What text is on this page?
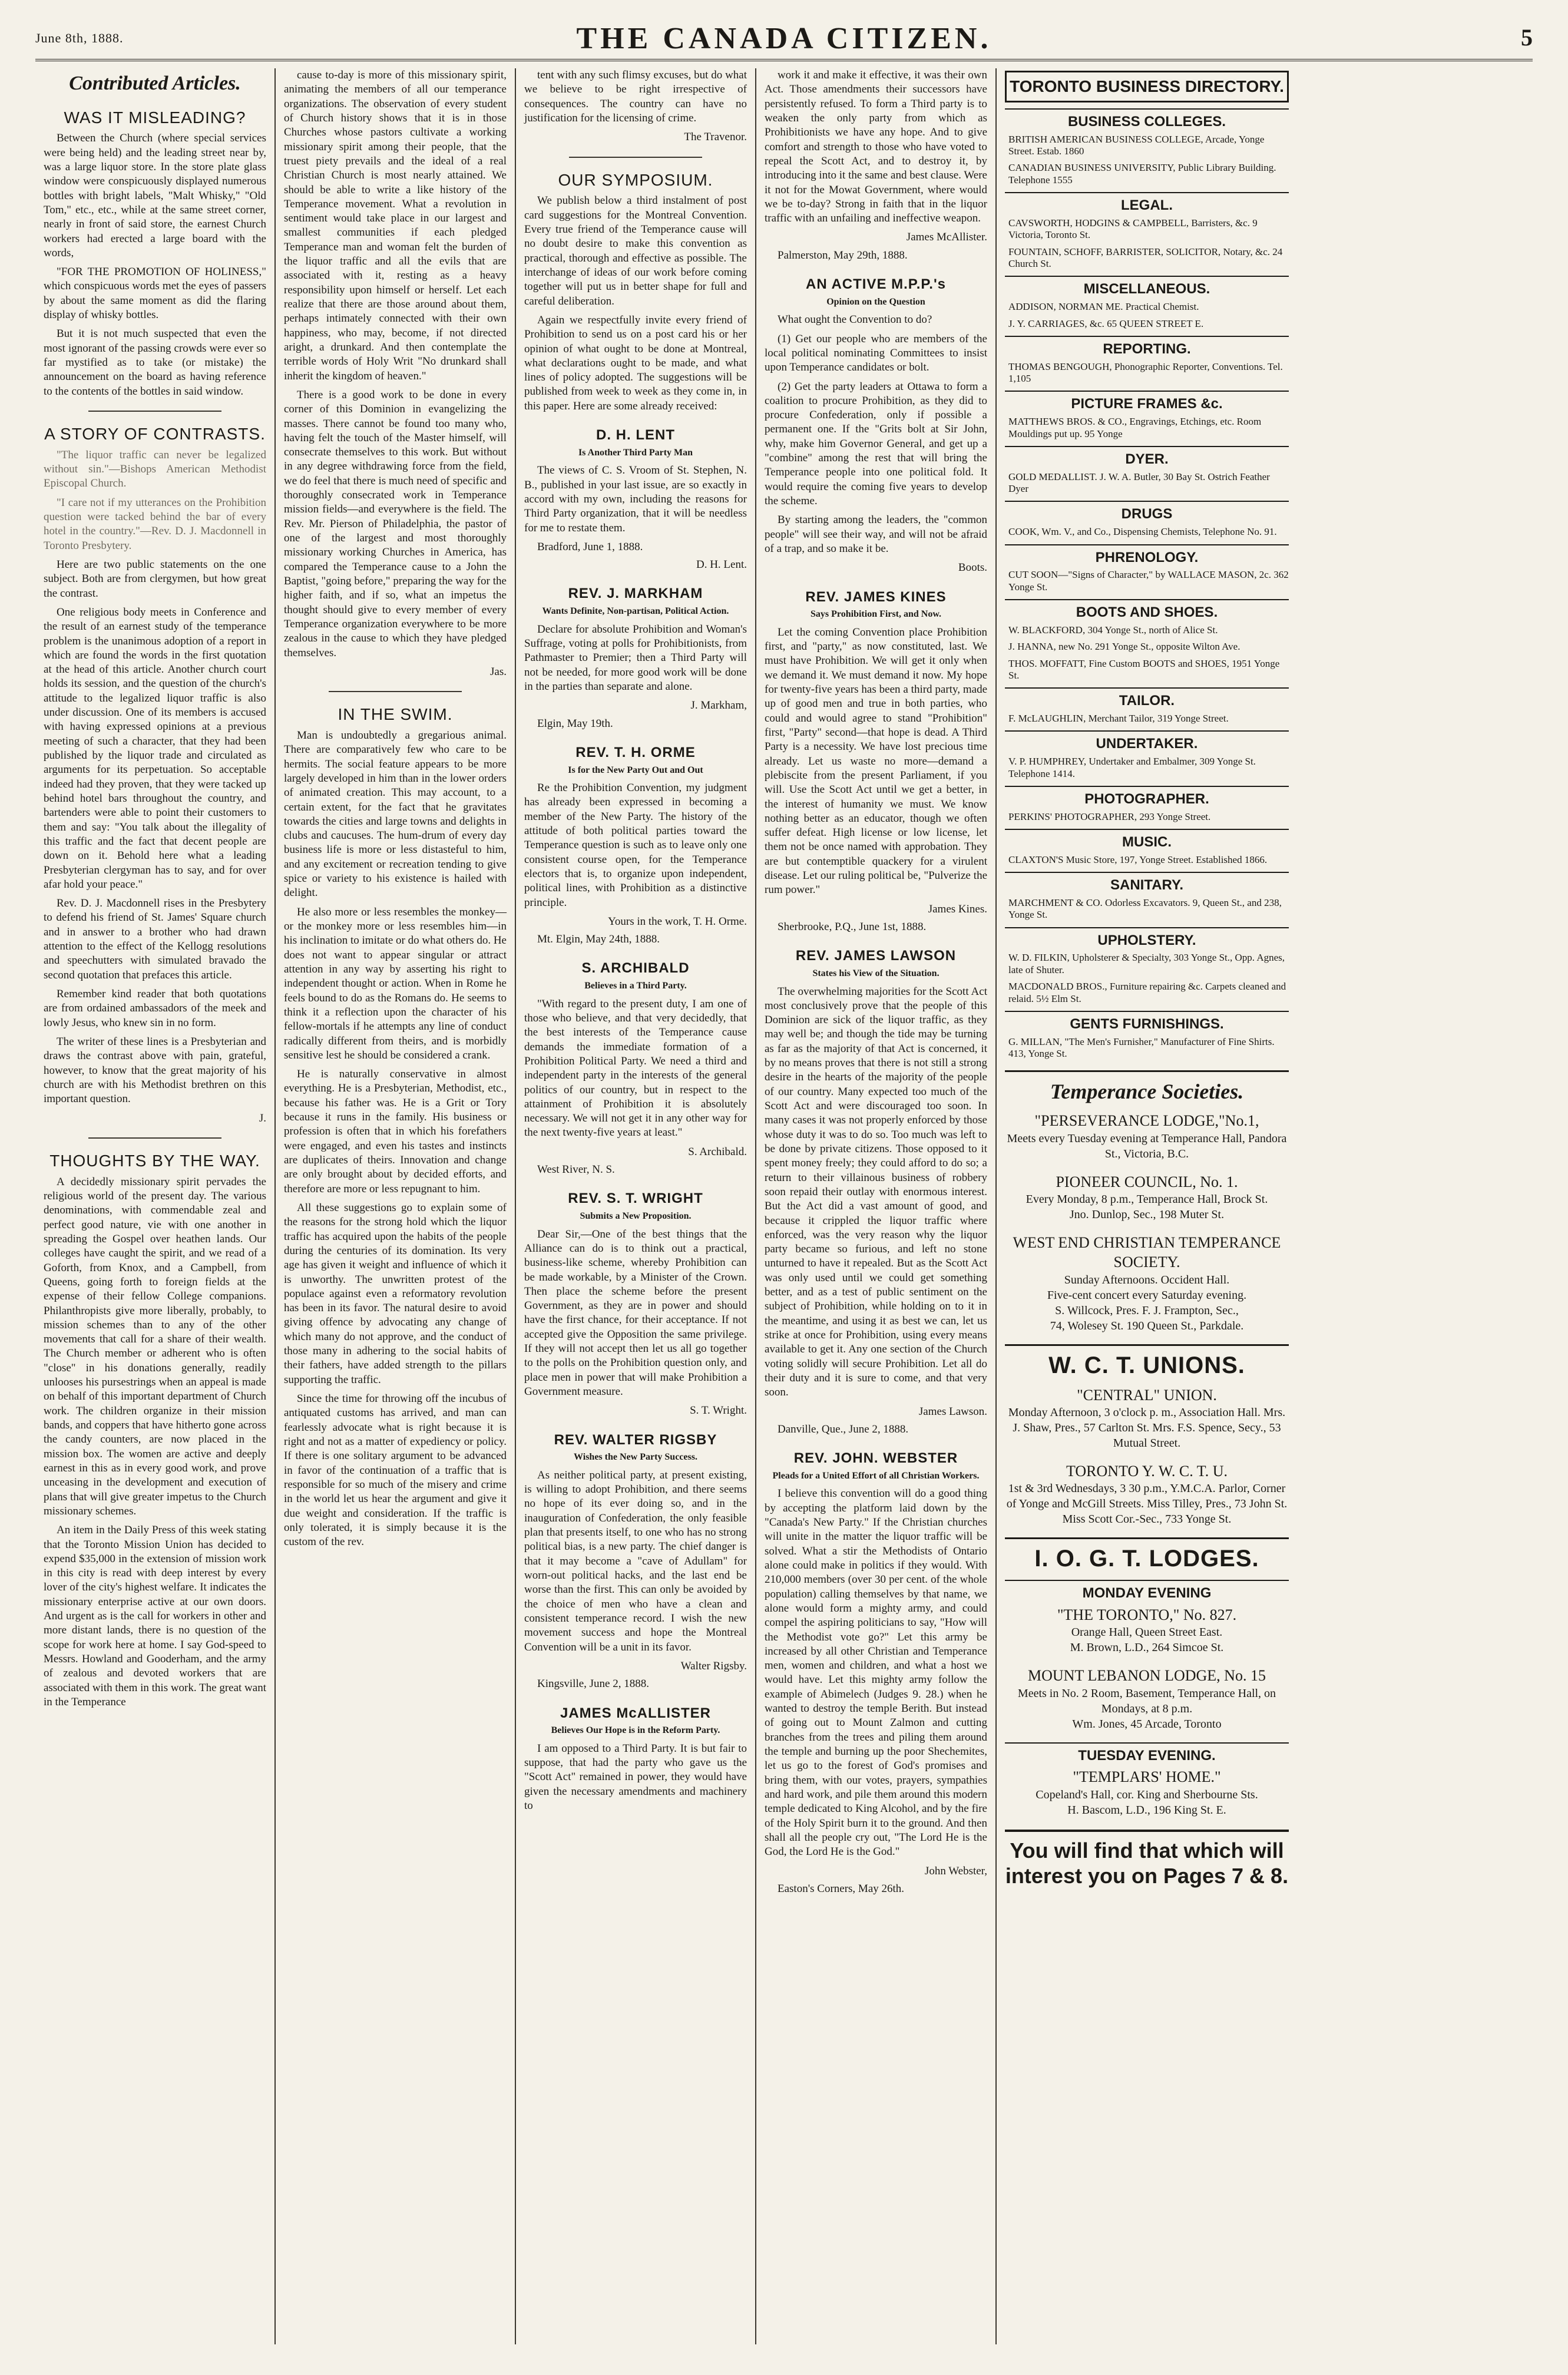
June 8th, 1888.	THE CANADA CITIZEN.	5
Contributed Articles.
WAS IT MISLEADING?

Between the Church (where special services were being held) and the leading street near by, was a large liquor store. In the store plate glass window were conspicuously displayed numerous bottles with bright labels, "Malt Whisky," "Old Tom," etc., etc., while at the same street corner, nearly in front of said store, the earnest Church workers had erected a large board with the words,

"FOR THE PROMOTION OF HOLINESS," which conspicuous words met the eyes of passers by about the same moment as did the flaring display of whisky bottles.

But it is not much suspected that even the most ignorant of the passing crowds were ever so far mystified as to take (or mistake) the announcement on the board as having reference to the contents of the bottles in said window.

A STORY OF CONTRASTS.

"The liquor traffic can never be legalized without sin."—Bishops American Methodist Episcopal Church.

"I care not if my utterances on the Prohibition question were tacked behind the bar of every hotel in the country."—Rev. D. J. Macdonnell in Toronto Presbytery.

Here are two public statements on the one subject. Both are from clergymen, but how great the contrast.

One religious body meets in Conference and the result of an earnest study of the temperance problem is the unanimous adoption of a report in which are found the words in the first quotation at the head of this article. Another church court holds its session, and the question of the church's attitude to the legalized liquor traffic is also under discussion. One of its members is accused with having expressed opinions at a previous meeting of such a character, that they had been published by the liquor trade and circulated as arguments for its perpetuation. So acceptable indeed had they proven, that they were tacked up behind hotel bars throughout the country, and bartenders were able to point their customers to them and say: "You talk about the illegality of this traffic and the fact that decent people are down on it. Behold here what a leading Presbyterian clergyman has to say, and for over afar hold your peace."

Rev. D. J. Macdonnell rises in the Presbytery to defend his friend of St. James' Square church and in answer to a brother who had drawn attention to the effect of the Kellogg resolutions and speechutters with simulated bravado the second quotation that prefaces this article.

Remember kind reader that both quotations are from ordained ambassadors of the meek and lowly Jesus, who knew sin in no form.

The writer of these lines is a Presbyterian and draws the contrast above with pain, grateful, however, to know that the great majority of his church are with his Methodist brethren on this important question.

J.

THOUGHTS BY THE WAY.

A decidedly missionary spirit pervades the religious world of the present day. The various denominations, with commendable zeal and perfect good nature, vie with one another in spreading the Gospel over heathen lands. Our colleges have caught the spirit, and we read of a Goforth, from Knox, and a Campbell, from Queens, going forth to foreign fields at the expense of their fellow College companions. Philanthropists give more liberally, probably, to mission schemes than to any of the other movements that call for a share of their wealth. The Church member or adherent who is often "close" in his donations generally, readily unlooses his pursestrings when an appeal is made on behalf of this important department of Church work. The children organize in their mission bands, and coppers that have hitherto gone across the candy counters, are now placed in the mission box. The women are active and deeply earnest in this as in every good work, and prove unceasing in the development and execution of plans that will give greater impetus to the Church missionary schemes.

An item in the Daily Press of this week stating that the Toronto Mission Union has decided to expend $35,000 in the extension of mission work in this city is read with deep interest by every lover of the city's highest welfare. It indicates the missionary enterprise active at our own doors. And urgent as is the call for workers in other and more distant lands, there is no question of the scope for work here at home. I say God-speed to Messrs. Howland and Gooderham, and the army of zealous and devoted workers that are associated with them in this work. The great want in the Temperance

cause to-day is more of this missionary spirit, animating the members of all our temperance organizations. The observation of every student of Church history shows that it is in those Churches whose pastors cultivate a working missionary spirit among their people, that the truest piety prevails and the ideal of a real Christian Church is most nearly attained. We should be able to write a like history of the Temperance movement. What a revolution in sentiment would take place in our largest and smallest communities if each pledged Temperance man and woman felt the burden of the liquor traffic and all the evils that are associated with it, resting as a heavy responsibility upon himself or herself. Let each realize that there are those around about them, perhaps intimately connected with their own happiness, who may, become, if not directed aright, a drunkard. And then contemplate the terrible words of Holy Writ "No drunkard shall inherit the kingdom of heaven."

There is a good work to be done in every corner of this Dominion in evangelizing the masses. There cannot be found too many who, having felt the touch of the Master himself, will consecrate themselves to this work. But without in any degree withdrawing force from the field, we do feel that there is much need of specific and thoroughly consecrated work in Temperance mission fields—and everywhere is the field. The Rev. Mr. Pierson of Philadelphia, the pastor of one of the largest and most thoroughly missionary working Churches in America, has compared the Temperance cause to a John the Baptist, "going before," preparing the way for the higher faith, and if so, what an impetus the thought should give to every member of every Temperance organization everywhere to be more zealous in the cause to which they have pledged themselves.

Jas.

IN THE SWIM.

Man is undoubtedly a gregarious animal. There are comparatively few who care to be hermits. The social feature appears to be more largely developed in him than in the lower orders of animated creation. This may account, to a certain extent, for the fact that he gravitates towards the cities and large towns and delights in clubs and caucuses. The hum-drum of every day business life is more or less distasteful to him, and any excitement or recreation tending to give spice or variety to his existence is hailed with delight.

He also more or less resembles the monkey—or the monkey more or less resembles him—in his inclination to imitate or do what others do. He does not want to appear singular or attract attention in any way by asserting his right to independent thought or action. When in Rome he feels bound to do as the Romans do. He seems to think it a reflection upon the character of his fellow-mortals if he attempts any line of conduct radically different from theirs, and is morbidly sensitive lest he should be considered a crank.

He is naturally conservative in almost everything. He is a Presbyterian, Methodist, etc., because his father was. He is a Grit or Tory because it runs in the family. His business or profession is often that in which his forefathers were engaged, and even his tastes and instincts are duplicates of theirs. Innovation and change are only brought about by decided efforts, and therefore are more or less repugnant to him.

All these suggestions go to explain some of the reasons for the strong hold which the liquor traffic has acquired upon the habits of the people during the centuries of its domination. Its very age has given it weight and influence of which it is unworthy. The unwritten protest of the populace against even a reformatory revolution has been in its favor. The natural desire to avoid giving offence by advocating any change of which many do not approve, and the conduct of those many in adhering to the social habits of their fathers, have added strength to the pillars supporting the traffic.

Since the time for throwing off the incubus of antiquated customs has arrived, and man can fearlessly advocate what is right because it is right and not as a matter of expediency or policy. If there is one solitary argument to be advanced in favor of the continuation of a traffic that is responsible for so much of the misery and crime in the world let us hear the argument and give it due weight and consideration. If the traffic is only tolerated, it is simply because it is the custom of the rev.

tent with any such flimsy excuses, but do what we believe to be right irrespective of consequences. The country can have no justification for the licensing of crime.

The Travenor.

OUR SYMPOSIUM.

We publish below a third instalment of post card suggestions for the Montreal Convention. Every true friend of the Temperance cause will no doubt desire to make this convention as practical, thorough and effective as possible. The interchange of ideas of our work before coming together will put us in better shape for full and careful deliberation.

Again we respectfully invite every friend of Prohibition to send us on a post card his or her opinion of what ought to be done at Montreal, what declarations ought to be made, and what lines of policy adopted. The suggestions will be published from week to week as they come in, in this paper. Here are some already received:

D. H. LENT
Is Another Third Party Man

The views of C. S. Vroom of St. Stephen, N. B., published in your last issue, are so exactly in accord with my own, including the reasons for Third Party organization, that it will be needless for me to restate them.

Bradford, June 1, 1888.

D. H. Lent.

REV. J. MARKHAM
Wants Definite, Non-partisan, Political Action.

Declare for absolute Prohibition and Woman's Suffrage, voting at polls for Prohibitionists, from Pathmaster to Premier; then a Third Party will not be needed, for more good work will be done in the parties than separate and alone.

J. Markham,

Elgin, May 19th.

REV. T. H. ORME
Is for the New Party Out and Out

Re the Prohibition Convention, my judgment has already been expressed in becoming a member of the New Party. The history of the attitude of both political parties toward the Temperance question is such as to leave only one consistent course open, for the Temperance electors that is, to organize upon independent, political lines, with Prohibition as a distinctive principle.

Yours in the work, T. H. Orme.

Mt. Elgin, May 24th, 1888.

S. ARCHIBALD
Believes in a Third Party.

"With regard to the present duty, I am one of those who believe, and that very decidedly, that the best interests of the Temperance cause demands the immediate formation of a Prohibition Political Party. We need a third and independent party in the interests of the general politics of our country, but in respect to the attainment of Prohibition it is absolutely necessary. We will not get it in any other way for the next twenty-five years at least."

S. Archibald.

West River, N. S.

REV. S. T. WRIGHT
Submits a New Proposition.

Dear Sir,—One of the best things that the Alliance can do is to think out a practical, business-like scheme, whereby Prohibition can be made workable, by a Minister of the Crown. Then place the scheme before the present Government, as they are in power and should have the first chance, for their acceptance. If not accepted give the Opposition the same privilege. If they will not accept then let us all go together to the polls on the Prohibition question only, and place men in power that will make Prohibition a Government measure.

S. T. Wright.

REV. WALTER RIGSBY
Wishes the New Party Success.

As neither political party, at present existing, is willing to adopt Prohibition, and there seems no hope of its ever doing so, and in the inauguration of Confederation, the only feasible plan that presents itself, to one who has no strong political bias, is a new party. The chief danger is that it may become a "cave of Adullam" for worn-out political hacks, and the last end be worse than the first. This can only be avoided by the choice of men who have a clean and consistent temperance record. I wish the new movement success and hope the Montreal Convention will be a unit in its favor.

Walter Rigsby.

Kingsville, June 2, 1888.

JAMES McALLISTER
Believes Our Hope is in the Reform Party.

I am opposed to a Third Party. It is but fair to suppose, that had the party who gave us the "Scott Act" remained in power, they would have given the necessary amendments and machinery to

work it and make it effective, it was their own Act. Those amendments their successors have persistently refused. To form a Third party is to weaken the only party from which as Prohibitionists we have any hope. And to give comfort and strength to those who have voted to repeal the Scott Act, and to destroy it, by introducing into it the same and best clause. Were it not for the Mowat Government, where would we be to-day? Strong in faith that in the liquor traffic with an unfailing and ineffective weapon.

James McAllister.

Palmerston, May 29th, 1888.

AN ACTIVE M.P.P.'s
Opinion on the Question

What ought the Convention to do?

(1) Get our people who are members of the local political nominating Committees to insist upon Temperance candidates or bolt.

(2) Get the party leaders at Ottawa to form a coalition to procure Prohibition, as they did to procure Confederation, only if possible a permanent one. If the "Grits bolt at Sir John, why, make him Governor General, and get up a "combine" among the rest that will bring the Temperance people into one political fold. It would require the coming five years to develop the scheme.

By starting among the leaders, the "common people" will see their way, and will not be afraid of a trap, and so make it be.

Boots.

REV. JAMES KINES
Says Prohibition First, and Now.

Let the coming Convention place Prohibition first, and "party," as now constituted, last. We must have Prohibition. We will get it only when we demand it. We must demand it now. My hope for twenty-five years has been a third party, made up of good men and true in both parties, who could and would agree to stand "Prohibition" first, "Party" second—that hope is dead. A Third Party is a necessity. We have lost precious time already. Let us waste no more—demand a plebiscite from the present Parliament, if you will. Use the Scott Act until we get a better, in the interest of humanity we must. We know nothing better as an educator, though we often suffer defeat. High license or low license, let them not be once named with approbation. They are but contemptible quackery for a virulent disease. Let our ruling political be, "Pulverize the rum power."

James Kines.

Sherbrooke, P.Q., June 1st, 1888.

REV. JAMES LAWSON
States his View of the Situation.

The overwhelming majorities for the Scott Act most conclusively prove that the people of this Dominion are sick of the liquor traffic, as they may well be; and though the tide may be turning as far as the majority of that Act is concerned, it by no means proves that there is not still a strong desire in the hearts of the majority of the people of our country. Many expected too much of the Scott Act and were discouraged too soon. In many cases it was not properly enforced by those whose duty it was to do so. Too much was left to be done by private citizens. Those opposed to it spent money freely; they could afford to do so; a return to their villainous business of robbery soon repaid their outlay with enormous interest. But the Act did a vast amount of good, and because it crippled the liquor traffic where enforced, was the very reason why the liquor party became so furious, and left no stone unturned to have it repealed. But as the Scott Act was only used until we could get something better, and as a test of public sentiment on the subject of Prohibition, while holding on to it in the meantime, and using it as best we can, let us strike at once for Prohibition, using every means available to get it. Any one section of the Church voting solidly will secure Prohibition. Let all do their duty and it is sure to come, and that very soon.

James Lawson.

Danville, Que., June 2, 1888.

REV. JOHN. WEBSTER
Pleads for a United Effort of all Christian Workers.

I believe this convention will do a good thing by accepting the platform laid down by the "Canada's New Party." If the Christian churches will unite in the matter the liquor traffic will be solved. What a stir the Methodists of Ontario alone could make in politics if they would. With 210,000 members (over 30 per cent. of the whole population) calling themselves by that name, we alone would form a mighty army, and could compel the aspiring politicians to say, "How will the Methodist vote go?" Let this army be increased by all other Christian and Temperance men, women and children, and what a host we would have. Let this mighty army follow the example of Abimelech (Judges 9. 28.) when he wanted to destroy the temple Berith. But instead of going out to Mount Zalmon and cutting branches from the trees and piling them around the temple and burning up the poor Shechemites, let us go to the forest of God's promises and bring them, with our votes, prayers, sympathies and hard work, and pile them around this modern temple dedicated to King Alcohol, and by the fire of the Holy Spirit burn it to the ground. And then shall all the people cry out, "The Lord He is the God, the Lord He is the God."

John Webster,

Easton's Corners, May 26th.

TORONTO BUSINESS DIRECTORY.
BUSINESS COLLEGES.
BRITISH AMERICAN BUSINESS COLLEGE, Arcade, Yonge Street. Estab. 1860
CANADIAN BUSINESS UNIVERSITY, Public Library Building. Telephone 1555
LEGAL.
CAVSWORTH, HODGINS & CAMPBELL, Barristers, &c. 9 Victoria, Toronto St.
FOUNTAIN, SCHOFF, BARRISTER, SOLICITOR, Notary, &c. 24 Church St.
MISCELLANEOUS.
ADDISON, NORMAN ME. Practical Chemist.
J. Y. CARRIAGES, &c. 65 QUEEN STREET E.
REPORTING.
THOMAS BENGOUGH, Phonographic Reporter, Conventions. Tel. 1,105
PICTURE FRAMES &c.
MATTHEWS BROS. & CO., Engravings, Etchings, etc. Room Mouldings put up. 95 Yonge
DYER.
GOLD MEDALLIST. J. W. A. Butler, 30 Bay St. Ostrich Feather Dyer
DRUGS
COOK, Wm. V., and Co., Dispensing Chemists, Telephone No. 91.
PHRENOLOGY.
CUT SOON—"Signs of Character," by WALLACE MASON, 2c. 362 Yonge St.
BOOTS AND SHOES.
W. BLACKFORD, 304 Yonge St., north of Alice St.
J. HANNA, new No. 291 Yonge St., opposite Wilton Ave.
THOS. MOFFATT, Fine Custom BOOTS and SHOES, 1951 Yonge St.
TAILOR.
F. McLAUGHLIN, Merchant Tailor, 319 Yonge Street.
UNDERTAKER.
V. P. HUMPHREY, Undertaker and Embalmer, 309 Yonge St. Telephone 1414.
PHOTOGRAPHER.
PERKINS' PHOTOGRAPHER, 293 Yonge Street.
MUSIC.
CLAXTON'S Music Store, 197, Yonge Street. Established 1866.
SANITARY.
MARCHMENT & CO. Odorless Excavators. 9, Queen St., and 238, Yonge St.
UPHOLSTERY.
W. D. FILKIN, Upholsterer & Specialty, 303 Yonge St., Opp. Agnes, late of Shuter.
MACDONALD BROS., Furniture repairing &c. Carpets cleaned and relaid. 5½ Elm St.
GENTS FURNISHINGS.
G. MILLAN, "The Men's Furnisher," Manufacturer of Fine Shirts. 413, Yonge St.
Temperance Societies.
"PERSEVERANCE LODGE,"No.1,
Meets every Tuesday evening at Temperance Hall, Pandora St., Victoria, B.C.
PIONEER COUNCIL, No. 1.
Every Monday, 8 p.m., Temperance Hall, Brock St.
Jno. Dunlop, Sec., 198 Muter St.
WEST END CHRISTIAN TEMPERANCE SOCIETY.
Sunday Afternoons. Occident Hall.
Five-cent concert every Saturday evening.
S. Willcock, Pres. F. J. Frampton, Sec.,
74, Wolesey St. 190 Queen St., Parkdale.
W. C. T. UNIONS.
"CENTRAL" UNION.
Monday Afternoon, 3 o'clock p. m., Association Hall. Mrs. J. Shaw, Pres., 57 Carlton St. Mrs. F.S. Spence, Secy., 53 Mutual Street.
TORONTO Y. W. C. T. U.
1st & 3rd Wednesdays, 3 30 p.m., Y.M.C.A. Parlor, Corner of Yonge and McGill Streets. Miss Tilley, Pres., 73 John St. Miss Scott Cor.-Sec., 733 Yonge St.
I. O. G. T. LODGES.
MONDAY EVENING
"THE TORONTO," No. 827.
Orange Hall, Queen Street East.
M. Brown, L.D., 264 Simcoe St.
MOUNT LEBANON LODGE, No. 15
Meets in No. 2 Room, Basement, Temperance Hall, on Mondays, at 8 p.m.
Wm. Jones, 45 Arcade, Toronto
TUESDAY EVENING.
"TEMPLARS' HOME."
Copeland's Hall, cor. King and Sherbourne Sts.
H. Bascom, L.D., 196 King St. E.
You will find that which will interest you on Pages 7 & 8.
